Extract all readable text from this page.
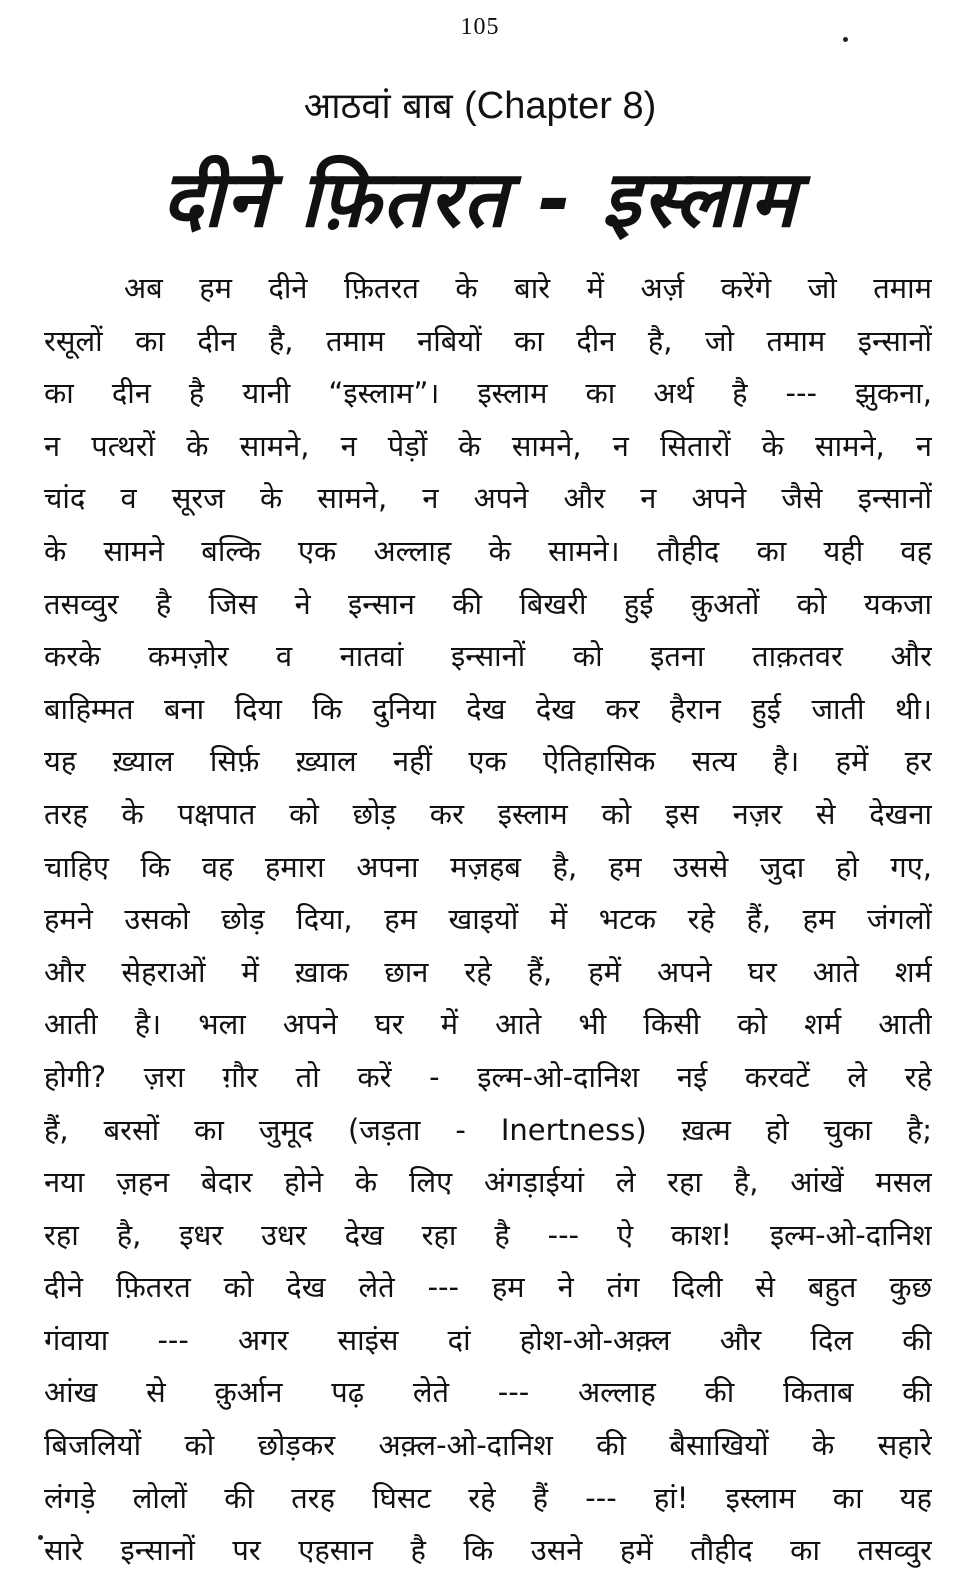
105
आठवां बाब (Chapter 8)
दीने फ़ितरत - इस्लाम
अब हम दीने फ़ितरत के बारे में अर्ज़ करेंगे जो तमाम
रसूलों का दीन है, तमाम नबियों का दीन है, जो तमाम इन्सानों
का दीन है यानी “इस्लाम”। इस्लाम का अर्थ है --- झुकना,
न पत्थरों के सामने, न पेड़ों के सामने, न सितारों के सामने, न
चांद व सूरज के सामने, न अपने और न अपने जैसे इन्सानों
के सामने बल्कि एक अल्लाह के सामने। तौहीद का यही वह
तसव्वुर है जिस ने इन्सान की बिखरी हुई क़ुअतों को यकजा
करके कमज़ोर व नातवां इन्सानों को इतना ताक़तवर और
बाहिम्मत बना दिया कि दुनिया देख देख कर हैरान हुई जाती थी।
यह ख़्याल सिर्फ़ ख़्याल नहीं एक ऐतिहासिक सत्य है। हमें हर
तरह के पक्षपात को छोड़ कर इस्लाम को इस नज़र से देखना
चाहिए कि वह हमारा अपना मज़हब है, हम उससे जुदा हो गए,
हमने उसको छोड़ दिया, हम खाइयों में भटक रहे हैं, हम जंगलों
और सेहराओं में ख़ाक छान रहे हैं, हमें अपने घर आते शर्म
आती है। भला अपने घर में आते भी किसी को शर्म आती
होगी? ज़रा ग़ौर तो करें - इल्म-ओ-दानिश नई करवटें ले रहे
हैं, बरसों का जुमूद (जड़ता - Inertness) ख़त्म हो चुका है;
नया ज़हन बेदार होने के लिए अंगड़ाईयां ले रहा है, आंखें मसल
रहा है, इधर उधर देख रहा है --- ऐ काश! इल्म-ओ-दानिश
दीने फ़ितरत को देख लेते --- हम ने तंग दिली से बहुत कुछ
गंवाया --- अगर साइंस दां होश-ओ-अक़्ल और दिल की
आंख से क़ुर्आन पढ़ लेते --- अल्लाह की किताब की
बिजलियों को छोड़कर अक़्ल-ओ-दानिश की बैसाखियों के सहारे
लंगड़े लोलों की तरह घिसट रहे हैं --- हां! इस्लाम का यह
सारे इन्सानों पर एहसान है कि उसने हमें तौहीद का तसव्वुर
